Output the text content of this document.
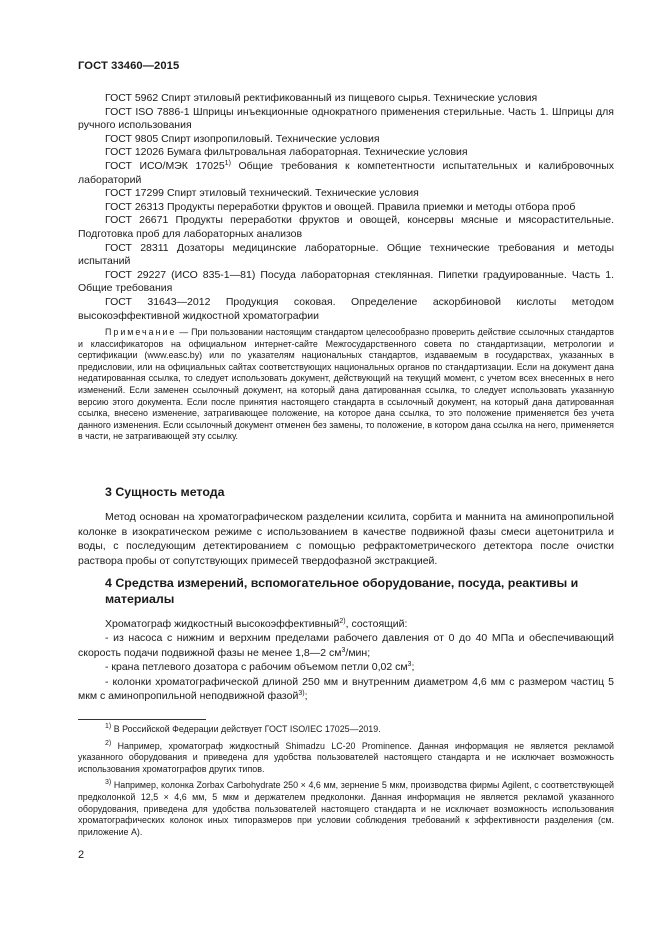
ГОСТ 33460—2015

ГОСТ 5962 Спирт этиловый ректификованный из пищевого сырья. Технические условия

ГОСТ ISO 7886-1 Шприцы инъекционные однократного применения стерильные. Часть 1. Шприцы для ручного использования

ГОСТ 9805 Спирт изопропиловый. Технические условия

ГОСТ 12026 Бумага фильтровальная лабораторная. Технические условия

ГОСТ ИСО/МЭК 17025$^{1)}$ Общие требования к компетентности испытательных и калибровочных лабораторий

ГОСТ 17299 Спирт этиловый технический. Технические условия

ГОСТ 26313 Продукты переработки фруктов и овощей. Правила приемки и методы отбора проб

ГОСТ 26671 Продукты переработки фруктов и овощей, консервы мясные и мясорастительные. Подготовка проб для лабораторных анализов

ГОСТ 28311 Дозаторы медицинские лабораторные. Общие технические требования и методы испытаний

ГОСТ 29227 (ИСО 835-1—81) Посуда лабораторная стеклянная. Пипетки градуированные. Часть 1. Общие требования

ГОСТ 31643—2012 Продукция соковая. Определение аскорбиновой кислоты методом высокоэффективной жидкостной хроматографии

Примечание — При пользовании настоящим стандартом целесообразно проверить действие ссылочных стандартов и классификаторов на официальном интернет-сайте Межгосударственного совета по стандартизации, метрологии и сертификации (www.easc.by) или по указателям национальных стандартов, издаваемым в государствах, указанных в предисловии, или на официальных сайтах соответствующих национальных органов по стандартизации. Если на документ дана недатированная ссылка, то следует использовать документ, действующий на текущий момент, с учетом всех внесенных в него изменений. Если заменен ссылочный документ, на который дана датированная ссылка, то следует использовать указанную версию этого документа. Если после принятия настоящего стандарта в ссылочный документ, на который дана датированная ссылка, внесено изменение, затрагивающее положение, на которое дана ссылка, то это положение применяется без учета данного изменения. Если ссылочный документ отменен без замены, то положение, в котором дана ссылка на него, применяется в части, не затрагивающей эту ссылку.

3 Сущность метода

Метод основан на хроматографическом разделении ксилита, сорбита и маннита на аминопропильной колонке в изократическом режиме с использованием в качестве подвижной фазы смеси ацетонитрила и воды, с последующим детектированием с помощью рефрактометрического детектора после очистки раствора пробы от сопутствующих примесей твердофазной экстракцией.

4 Средства измерений, вспомогательное оборудование, посуда, реактивы и материалы

Хроматограф жидкостный высокоэффективный$^{2)}$, состоящий:

- из насоса с нижним и верхним пределами рабочего давления от 0 до 40 МПа и обеспечивающий скорость подачи подвижной фазы не менее 1,8—2 $см^3$/мин;

- крана петлевого дозатора с рабочим объемом петли 0,02 $см^3$;

- колонки хроматографической длиной 250 мм и внутренним диаметром 4,6 мм с размером частиц 5 мкм с аминопропильной неподвижной фазой$^{3)}$;

$^{1)}$ В Российской Федерации действует ГОСТ ISO/IEC 17025—2019.

$^{2)}$ Например, хроматограф жидкостный Shimadzu LC-20 Prominence. Данная информация не является рекламой указанного оборудования и приведена для удобства пользователей настоящего стандарта и не исключает возможность использования хроматографов других типов.

$^{3)}$ Например, колонка Zorbax Carbohydrate 250 × 4,6 мм, зернение 5 мкм, производства фирмы Agilent, с соответствующей предколонкой 12,5 × 4,6 мм, 5 мкм и держателем предколонки. Данная информация не является рекламой указанного оборудования, приведена для удобства пользователей настоящего стандарта и не исключает возможность использования хроматографических колонок иных типоразмеров при условии соблюдения требований к эффективности разделения (см. приложение А).

2
